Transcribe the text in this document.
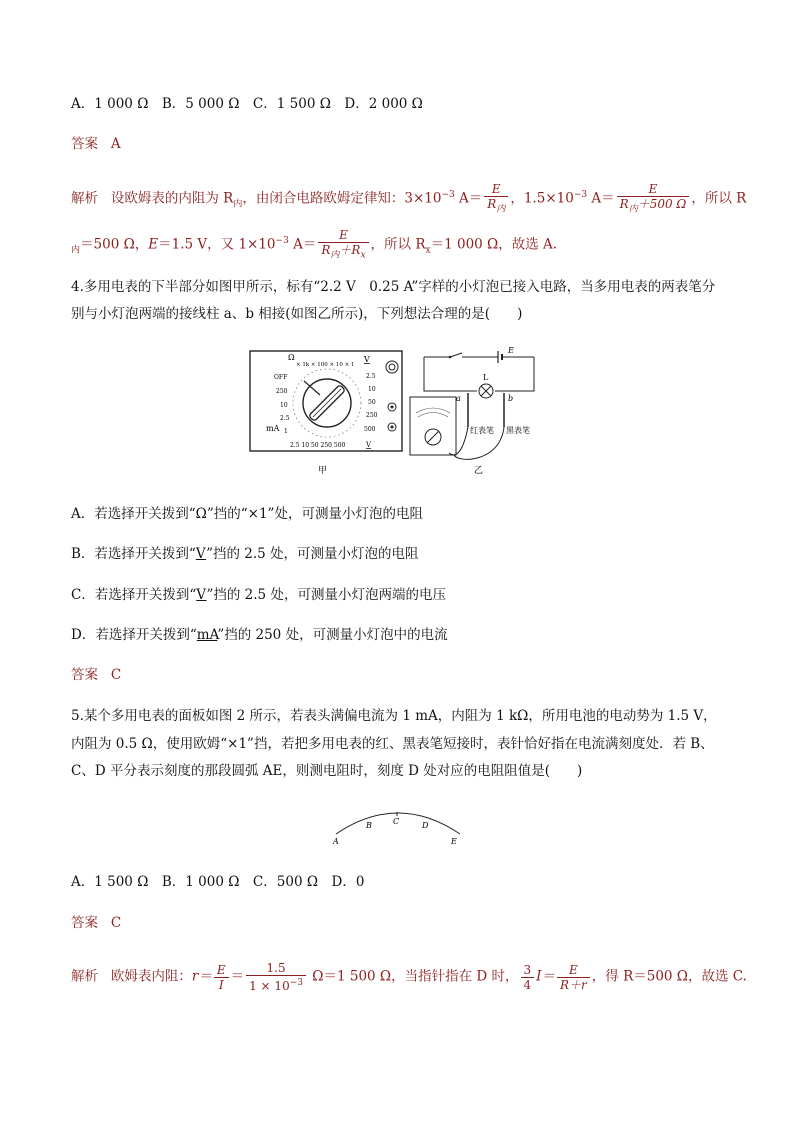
A．1 000 Ω　B．5 000 Ω　C．1 500 Ω　D．2 000 Ω
答案 A
解析 设欧姆表的内阻为 $R_内$，由闭合电路欧姆定律知：$3\times 10^{-3}$ $A= \frac{E}{R_内}$ ，$1.5\times 10^{-3}$ $A= \frac{E}{R_内+500 \Omega}$ ，所以 R
$_内$＝500 Ω，E＝1.5 V，又 $1\times 10^{-3}$ $A= \frac{E}{R_内+R_x}$ ，所以 $R_x=1$ 000 Ω，故选 A.
4.多用电表的下半部分如图甲所示，标有“2.2 V　0.25 A”字样的小灯泡已接入电路，当多用电表的两表笔分
别与小灯泡两端的接线柱 a、b 相接(如图乙所示)，下列想法合理的是(　　)
Ω
× 1k × 100 × 10 × 1
OFF
250
10
2.5
1
mA
2.5
10
50
250
500
V
2.5 10 50 250 500	V
甲
E
L
a	b
红表笔 黑表笔
乙
A．若选择开关拨到“Ω”挡的“×1”处，可测量小灯泡的电阻
B．若选择开关拨到“V”挡的 2.5 处，可测量小灯泡的电阻
C．若选择开关拨到“V”挡的 2.5 处，可测量小灯泡两端的电压
D．若选择开关拨到“mA”挡的 250 处，可测量小灯泡中的电流
答案 C
5.某个多用电表的面板如图 2 所示，若表头满偏电流为 1 mA，内阻为 1 kΩ，所用电池的电动势为 1.5 V，
内阻为 0.5 Ω，使用欧姆“×1”挡，若把多用电表的红、黑表笔短接时，表针恰好指在电流满刻度处．若 B、
C、D 平分表示刻度的那段圆弧 AE，则测电阻时，刻度 D 处对应的电阻阻值是(　　)
A
B	C	D
E
A．1 500 Ω　B．1 000 Ω　C．500 Ω　D．0
答案 C
解析 欧姆表内阻：$r= \frac{E}{I} = \frac{1.5}{1 \times 10^{-3}} \Omega=1$ 500 Ω，当指针指在 D 时， $\frac{3}{4} I= \frac{E}{R+r}$ ，得 R＝500 Ω，故选 C.
